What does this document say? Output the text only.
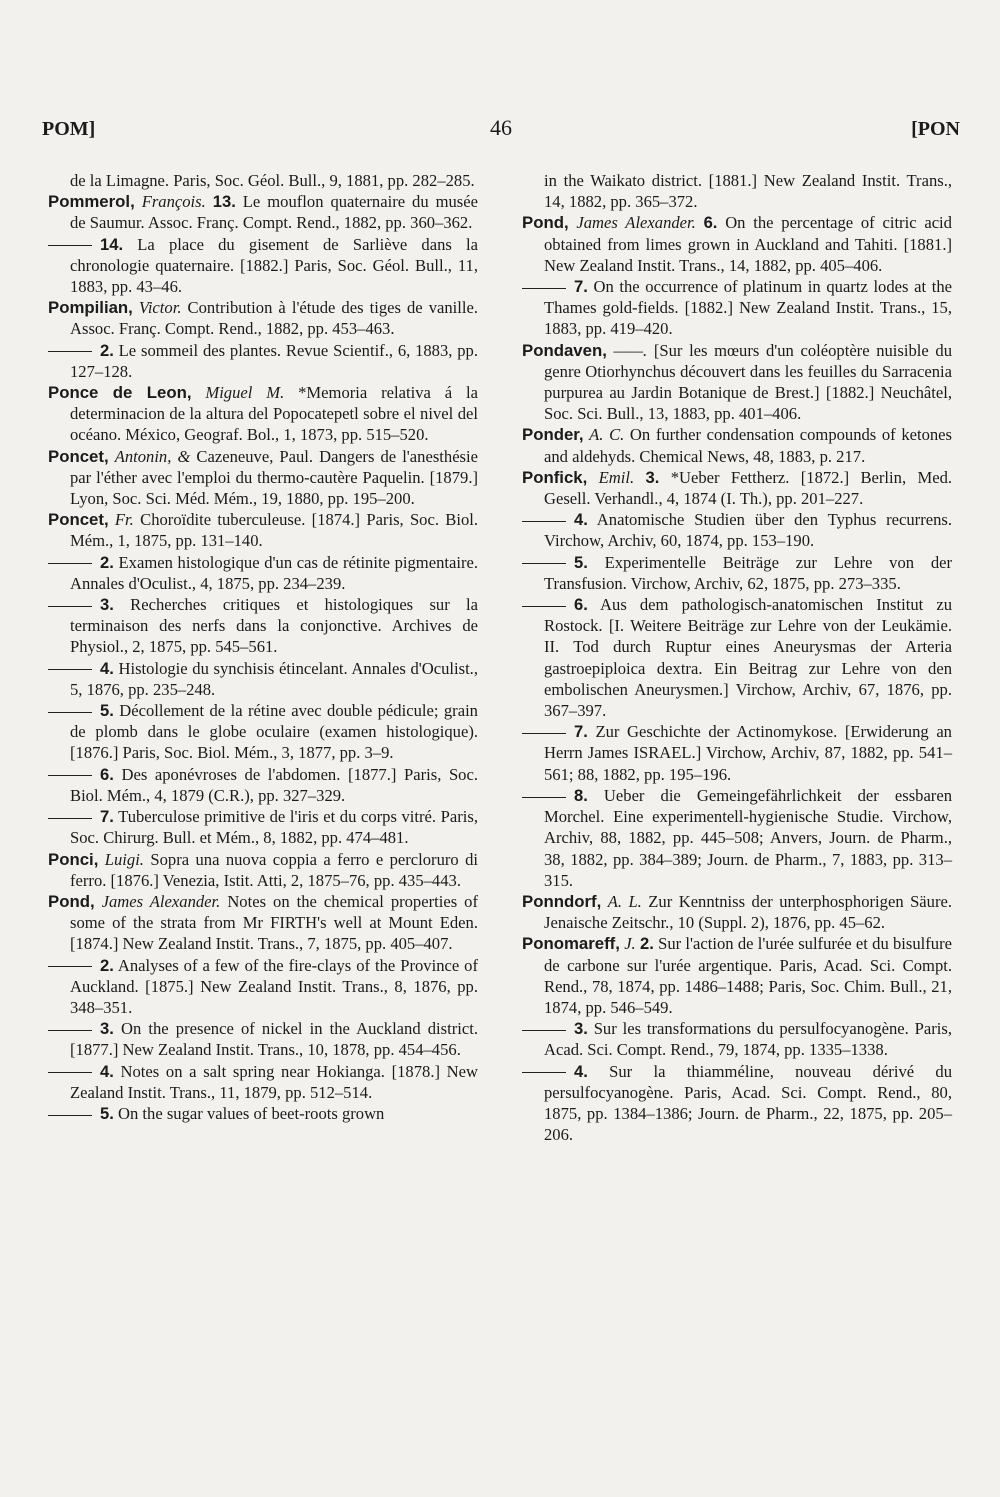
POM]	46	[PON

de la Limagne. Paris, Soc. Géol. Bull., 9, 1881, pp. 282–285.

Pommerol, François. 13. Le mouflon quaternaire du musée de Saumur. Assoc. Franç. Compt. Rend., 1882, pp. 360–362.

14. La place du gisement de Sarliève dans la chronologie quaternaire. [1882.] Paris, Soc. Géol. Bull., 11, 1883, pp. 43–46.

Pompilian, Victor. Contribution à l'étude des tiges de vanille. Assoc. Franç. Compt. Rend., 1882, pp. 453–463.

2. Le sommeil des plantes. Revue Scientif., 6, 1883, pp. 127–128.

Ponce de Leon, Miguel M. *Memoria relativa á la determinacion de la altura del Popocatepetl sobre el nivel del océano. México, Geograf. Bol., 1, 1873, pp. 515–520.

Poncet, Antonin, & Cazeneuve, Paul. Dangers de l'anesthésie par l'éther avec l'emploi du thermo-cautère Paquelin. [1879.] Lyon, Soc. Sci. Méd. Mém., 19, 1880, pp. 195–200.

Poncet, Fr. Choroïdite tuberculeuse. [1874.] Paris, Soc. Biol. Mém., 1, 1875, pp. 131–140.

2. Examen histologique d'un cas de rétinite pigmentaire. Annales d'Oculist., 4, 1875, pp. 234–239.

3. Recherches critiques et histologiques sur la terminaison des nerfs dans la conjonctive. Archives de Physiol., 2, 1875, pp. 545–561.

4. Histologie du synchisis étincelant. Annales d'Oculist., 5, 1876, pp. 235–248.

5. Décollement de la rétine avec double pédicule; grain de plomb dans le globe oculaire (examen histologique). [1876.] Paris, Soc. Biol. Mém., 3, 1877, pp. 3–9.

6. Des aponévroses de l'abdomen. [1877.] Paris, Soc. Biol. Mém., 4, 1879 (C.R.), pp. 327–329.

7. Tuberculose primitive de l'iris et du corps vitré. Paris, Soc. Chirurg. Bull. et Mém., 8, 1882, pp. 474–481.

Ponci, Luigi. Sopra una nuova coppia a ferro e percloruro di ferro. [1876.] Venezia, Istit. Atti, 2, 1875–76, pp. 435–443.

Pond, James Alexander. Notes on the chemical properties of some of the strata from Mr FIRTH's well at Mount Eden. [1874.] New Zealand Instit. Trans., 7, 1875, pp. 405–407.

2. Analyses of a few of the fire-clays of the Province of Auckland. [1875.] New Zealand Instit. Trans., 8, 1876, pp. 348–351.

3. On the presence of nickel in the Auckland district. [1877.] New Zealand Instit. Trans., 10, 1878, pp. 454–456.

4. Notes on a salt spring near Hokianga. [1878.] New Zealand Instit. Trans., 11, 1879, pp. 512–514.

5. On the sugar values of beet-roots grown

in the Waikato district. [1881.] New Zealand Instit. Trans., 14, 1882, pp. 365–372.

Pond, James Alexander. 6. On the percentage of citric acid obtained from limes grown in Auckland and Tahiti. [1881.] New Zealand Instit. Trans., 14, 1882, pp. 405–406.

7. On the occurrence of platinum in quartz lodes at the Thames gold-fields. [1882.] New Zealand Instit. Trans., 15, 1883, pp. 419–420.

Pondaven, ——. [Sur les mœurs d'un coléoptère nuisible du genre Otiorhynchus découvert dans les feuilles du Sarracenia purpurea au Jardin Botanique de Brest.] [1882.] Neuchâtel, Soc. Sci. Bull., 13, 1883, pp. 401–406.

Ponder, A. C. On further condensation compounds of ketones and aldehyds. Chemical News, 48, 1883, p. 217.

Ponfick, Emil. 3. *Ueber Fettherz. [1872.] Berlin, Med. Gesell. Verhandl., 4, 1874 (I. Th.), pp. 201–227.

4. Anatomische Studien über den Typhus recurrens. Virchow, Archiv, 60, 1874, pp. 153–190.

5. Experimentelle Beiträge zur Lehre von der Transfusion. Virchow, Archiv, 62, 1875, pp. 273–335.

6. Aus dem pathologisch-anatomischen Institut zu Rostock. [I. Weitere Beiträge zur Lehre von der Leukämie. II. Tod durch Ruptur eines Aneurysmas der Arteria gastroepiploica dextra. Ein Beitrag zur Lehre von den embolischen Aneurysmen.] Virchow, Archiv, 67, 1876, pp. 367–397.

7. Zur Geschichte der Actinomykose. [Erwiderung an Herrn James ISRAEL.] Virchow, Archiv, 87, 1882, pp. 541–561; 88, 1882, pp. 195–196.

8. Ueber die Gemeingefährlichkeit der essbaren Morchel. Eine experimentell-hygienische Studie. Virchow, Archiv, 88, 1882, pp. 445–508; Anvers, Journ. de Pharm., 38, 1882, pp. 384–389; Journ. de Pharm., 7, 1883, pp. 313–315.

Ponndorf, A. L. Zur Kenntniss der unterphosphorigen Säure. Jenaische Zeitschr., 10 (Suppl. 2), 1876, pp. 45–62.

Ponomareff, J. 2. Sur l'action de l'urée sulfurée et du bisulfure de carbone sur l'urée argentique. Paris, Acad. Sci. Compt. Rend., 78, 1874, pp. 1486–1488; Paris, Soc. Chim. Bull., 21, 1874, pp. 546–549.

3. Sur les transformations du persulfocyanogène. Paris, Acad. Sci. Compt. Rend., 79, 1874, pp. 1335–1338.

4. Sur la thiamméline, nouveau dérivé du persulfocyanogène. Paris, Acad. Sci. Compt. Rend., 80, 1875, pp. 1384–1386; Journ. de Pharm., 22, 1875, pp. 205–206.
